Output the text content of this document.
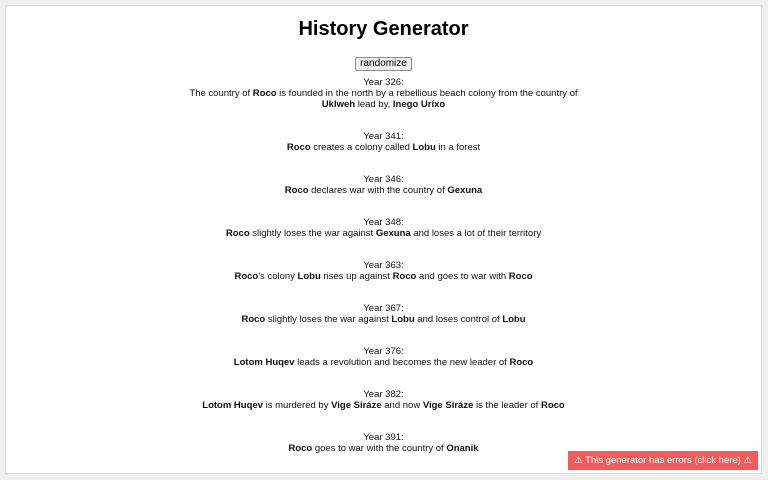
History Generator
randomize
Year 326:
The country of Roco is founded in the north by a rebellious beach colony from the country of Uklweh lead by, Inego Uríxo
Year 341:
Roco creates a colony called Lobu in a forest
Year 346:
Roco declares war with the country of Gexuna
Year 348:
Roco slightly loses the war against Gexuna and loses a lot of their territory
Year 363:
Roco's colony Lobu rises up against Roco and goes to war with Roco
Year 367:
Roco slightly loses the war against Lobu and loses control of Lobu
Year 376:
Lotom Huqev leads a revolution and becomes the new leader of Roco
Year 382:
Lotom Huqev is murdered by Vige Siráze and now Vige Siráze is the leader of Roco
Year 391:
Roco goes to war with the country of Onanik
⚠ This generator has errors (click here) ⚠
